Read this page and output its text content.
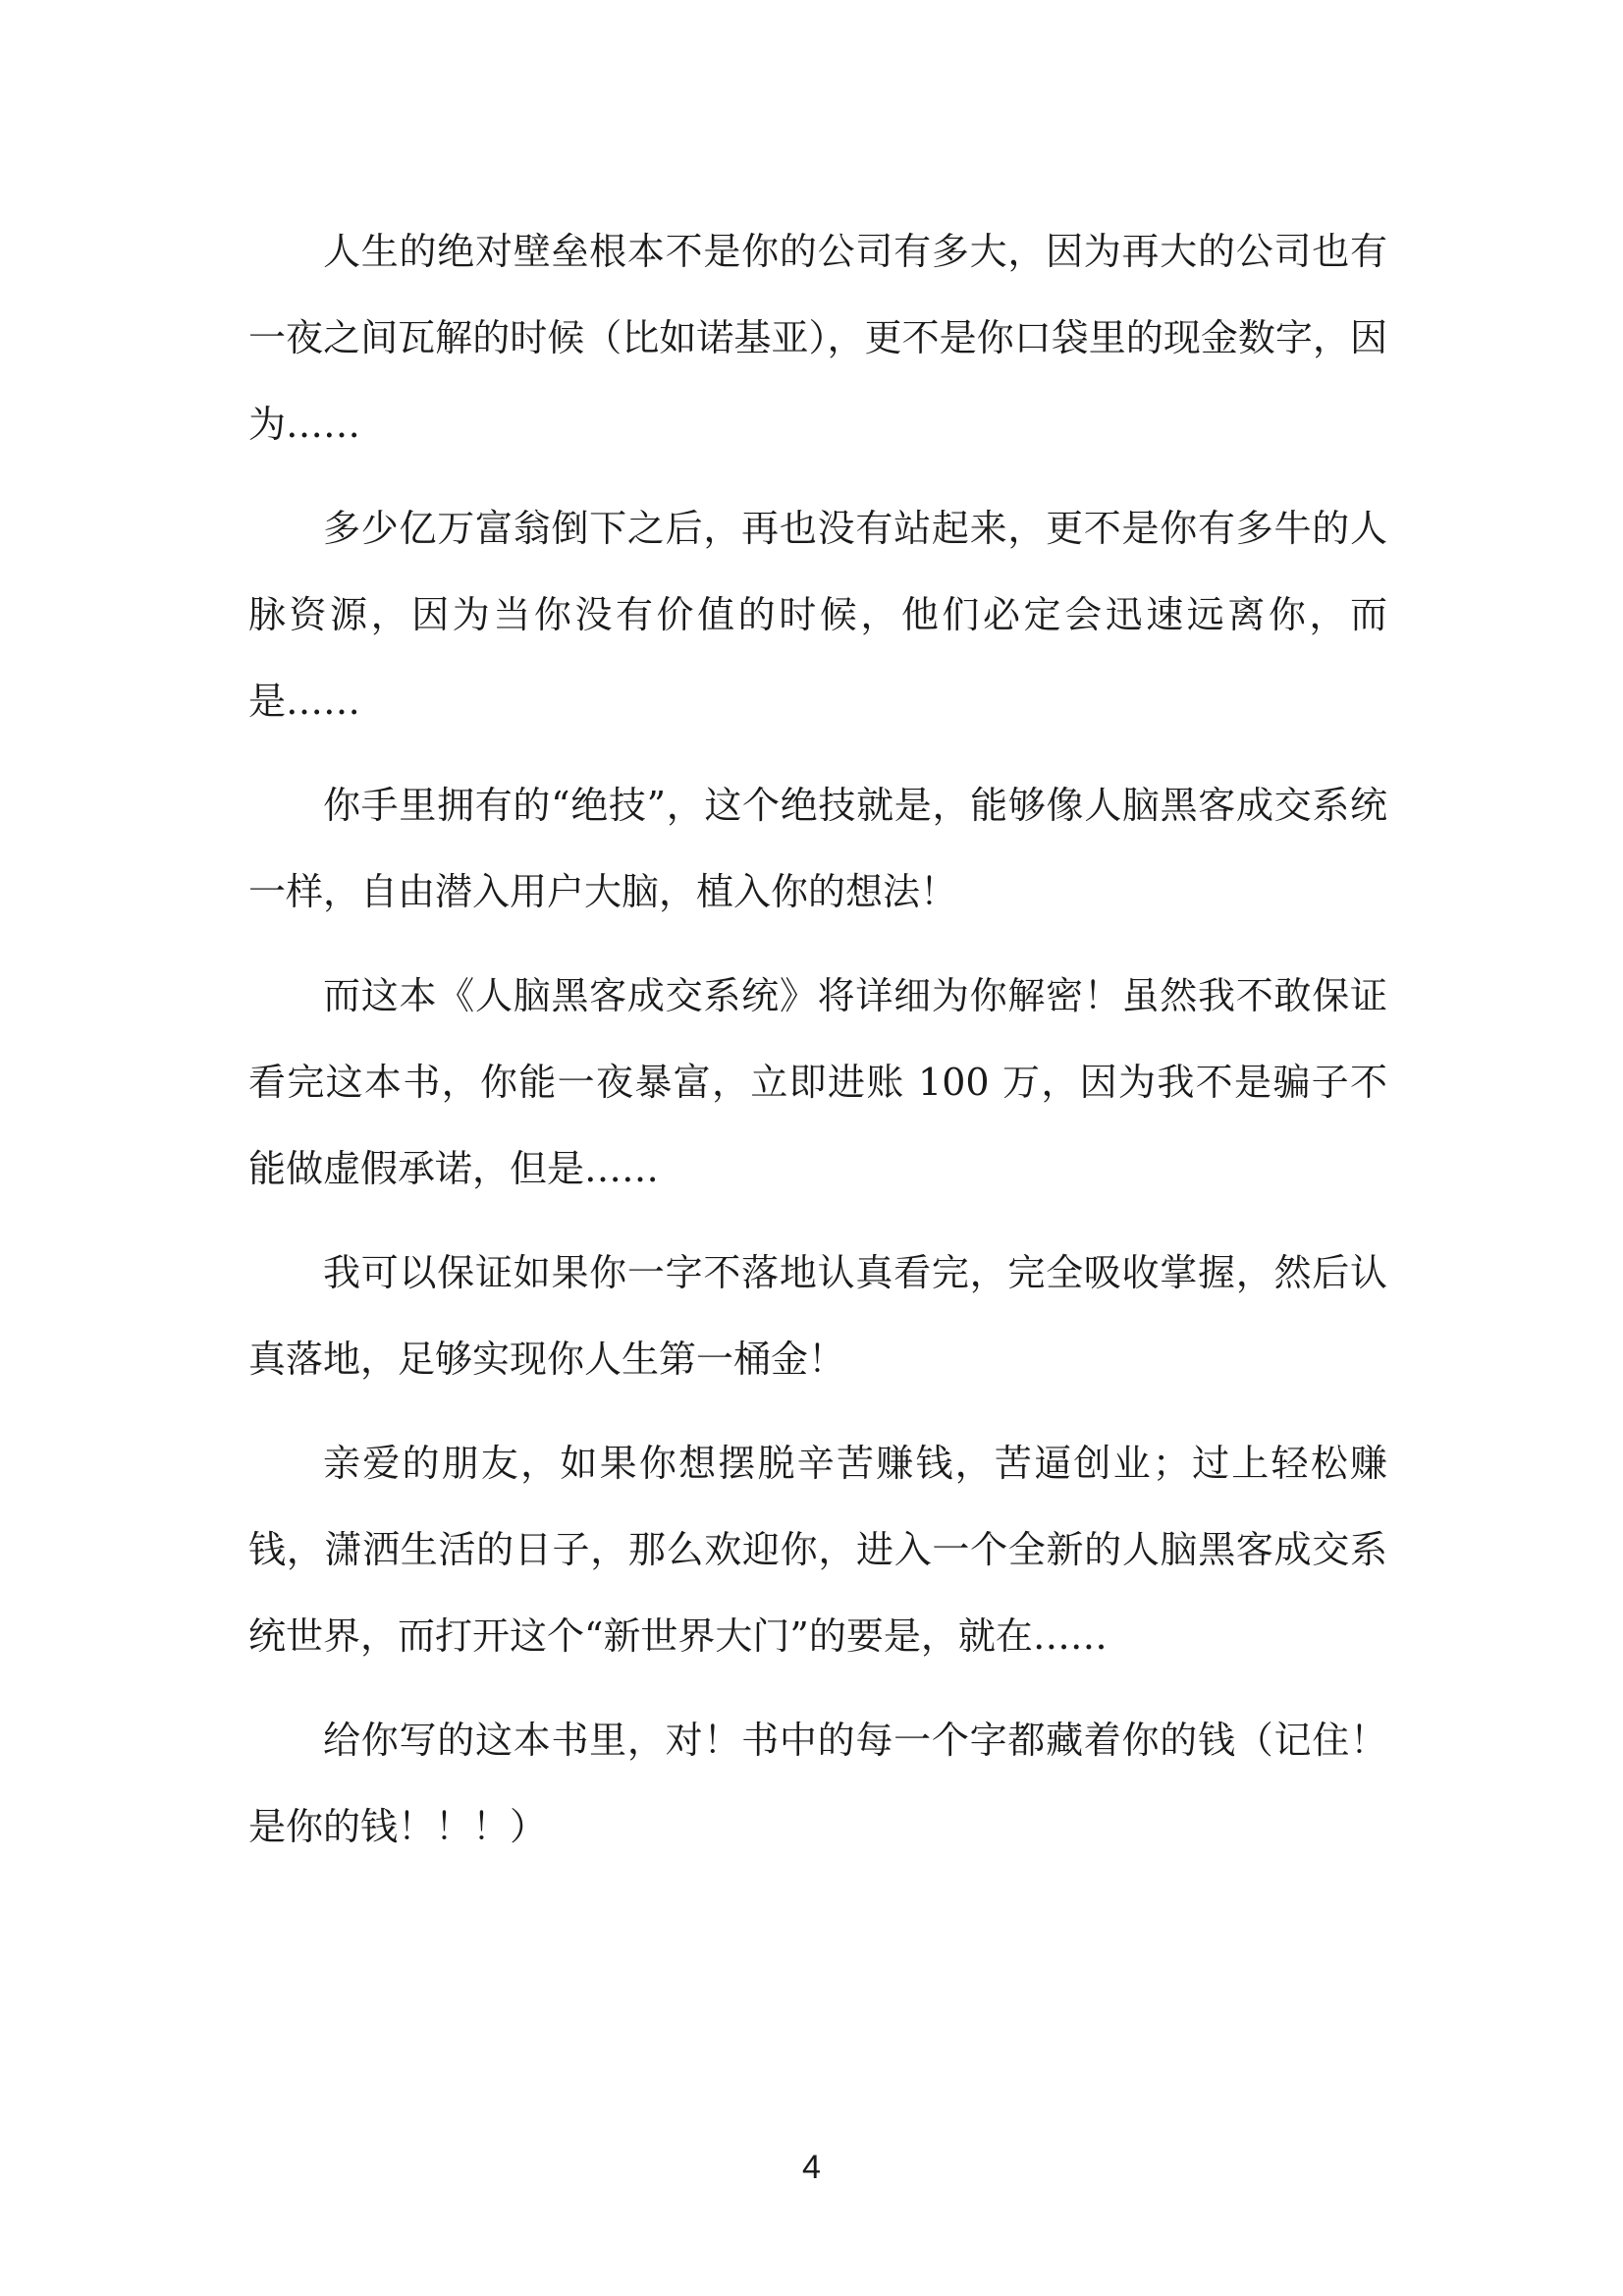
人生的绝对壁垒根本不是你的公司有多大，因为再大的公司也有一夜之间瓦解的时候（比如诺基亚），更不是你口袋里的现金数字，因为……

多少亿万富翁倒下之后，再也没有站起来，更不是你有多牛的人脉资源，因为当你没有价值的时候，他们必定会迅速远离你，而是……

你手里拥有的“绝技”，这个绝技就是，能够像人脑黑客成交系统一样，自由潜入用户大脑，植入你的想法！

而这本《人脑黑客成交系统》将详细为你解密！虽然我不敢保证看完这本书，你能一夜暴富，立即进账 100 万，因为我不是骗子不能做虚假承诺，但是……

我可以保证如果你一字不落地认真看完，完全吸收掌握，然后认真落地，足够实现你人生第一桶金！

亲爱的朋友，如果你想摆脱辛苦赚钱，苦逼创业；过上轻松赚钱，潇洒生活的日子，那么欢迎你，进入一个全新的人脑黑客成交系统世界，而打开这个“新世界大门”的要是，就在……

给你写的这本书里，对！书中的每一个字都藏着你的钱（记住！是你的钱！！！）

4
